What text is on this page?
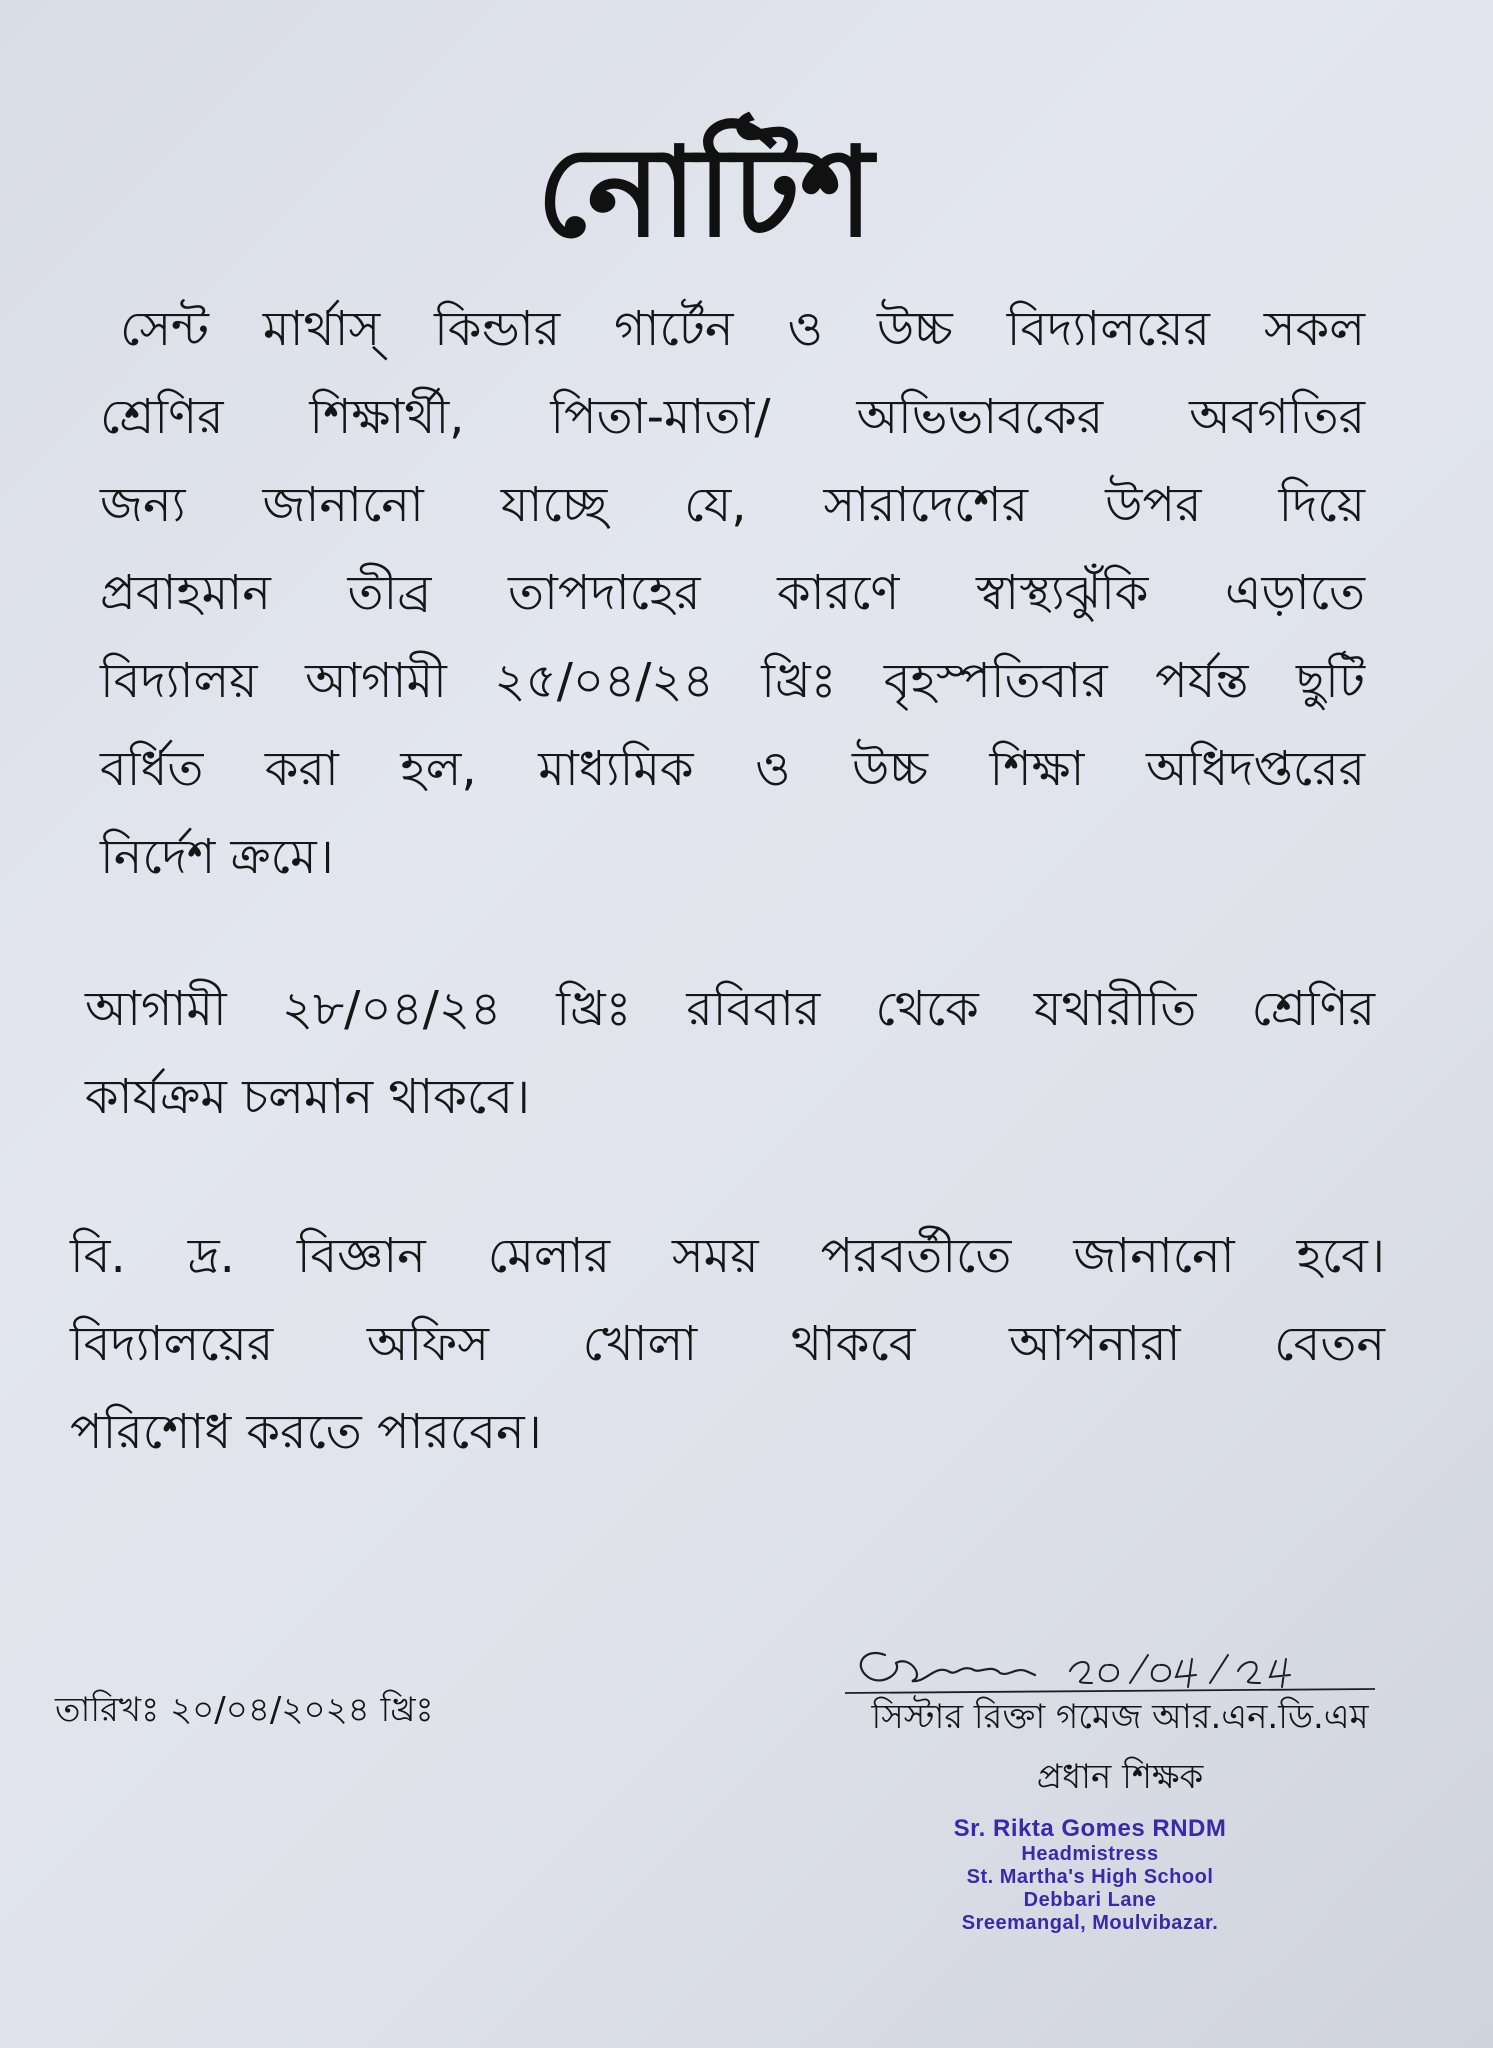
নোটিশ
সেন্ট মার্থাস্ কিন্ডার গার্টেন ও উচ্চ বিদ্যালয়ের সকল
শ্রেণির শিক্ষার্থী, পিতা-মাতা/ অভিভাবকের অবগতির
জন্য জানানো যাচ্ছে যে, সারাদেশের উপর দিয়ে
প্রবাহমান তীব্র তাপদাহের কারণে স্বাস্থ্যঝুঁকি এড়াতে
বিদ্যালয় আগামী ২৫/০৪/২৪ খ্রিঃ বৃহস্পতিবার পর্যন্ত ছুটি
বর্ধিত করা হল, মাধ্যমিক ও উচ্চ শিক্ষা অধিদপ্তরের
নির্দেশ ক্রমে।
আগামী ২৮/০৪/২৪ খ্রিঃ রবিবার থেকে যথারীতি শ্রেণির
কার্যক্রম চলমান থাকবে।
বি. দ্র. বিজ্ঞান মেলার সময় পরবর্তীতে জানানো হবে।
বিদ্যালয়ের অফিস খোলা থাকবে আপনারা বেতন
পরিশোধ করতে পারবেন।
তারিখঃ ২০/০৪/২০২৪ খ্রিঃ	সিস্টার রিক্তা গমেজ আর.এন.ডি.এম
প্রধান শিক্ষক
Sr. Rikta Gomes RNDM
Headmistress
St. Martha's High School
Debbari Lane
Sreemangal, Moulvibazar.
